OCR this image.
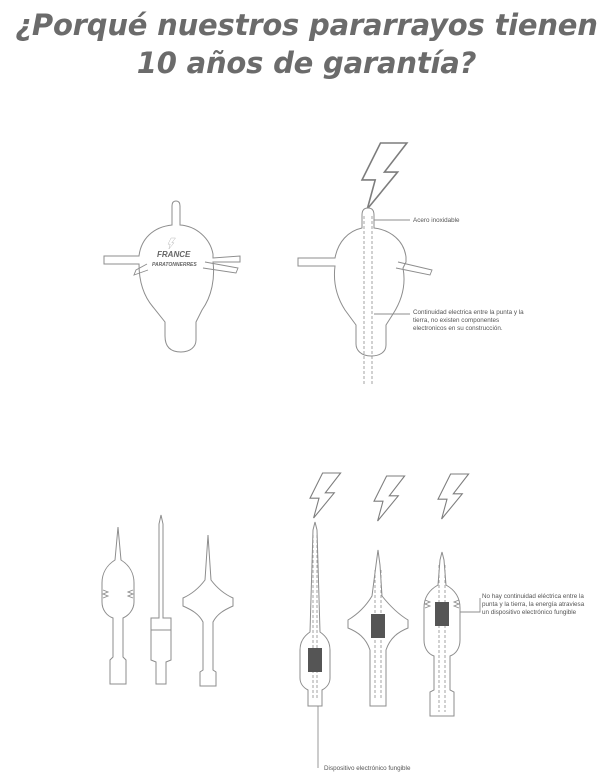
¿Porqué nuestros pararrayos tienen
10 años de garantía?
FRANCE
PARATONNERRES
Acero inoxidable
Continuidad electrica entre la punta y la tierra, no existen componentes electronicos en su construcción.
Dispositivo electrónico fungible
No hay continuidad eléctrica entre la punta y la tierra, la energía atraviesa un dispositivo electrónico fungible
